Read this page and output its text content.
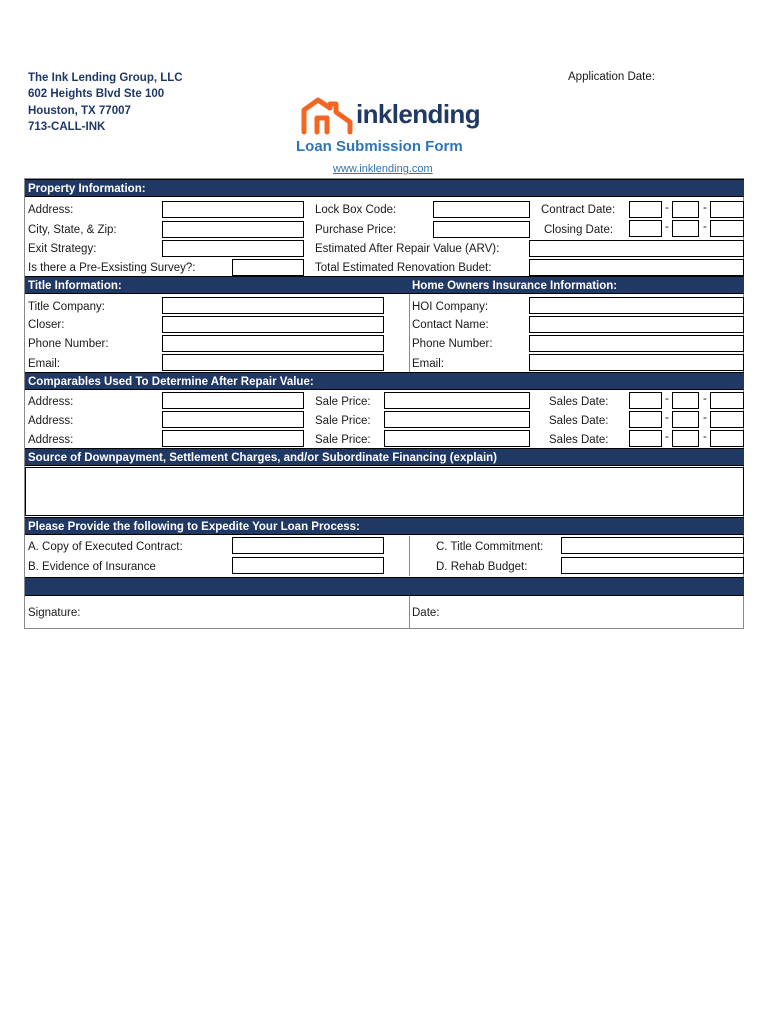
The Ink Lending Group, LLC
602 Heights Blvd Ste 100
Houston, TX 77007
713-CALL-INK
Application Date:
inklending
Loan Submission Form
www.inklending.com
Property Information:
Address:	Lock Box Code:	Contract Date:	-	-
City, State, & Zip:	Purchase Price:	Closing Date:	-	-
Exit Strategy:	Estimated After Repair Value (ARV):
Is there a Pre-Exsisting Survey?:	Total Estimated Renovation Budet:
Title Information:	Home Owners Insurance Information:
Title Company:	HOI Company:
Closer:	Contact Name:
Phone Number:	Phone Number:
Email:	Email:
Comparables Used To Determine After Repair Value:
Address:	Sale Price:	Sales Date:	-	-
Address:	Sale Price:	Sales Date:	-	-
Address:	Sale Price:	Sales Date:	-	-
Source of Downpayment, Settlement Charges, and/or Subordinate Financing (explain)
Please Provide the following to Expedite Your Loan Process:
A. Copy of Executed Contract:	C. Title Commitment:
B. Evidence of Insurance	D. Rehab Budget:
Signature:	Date:
